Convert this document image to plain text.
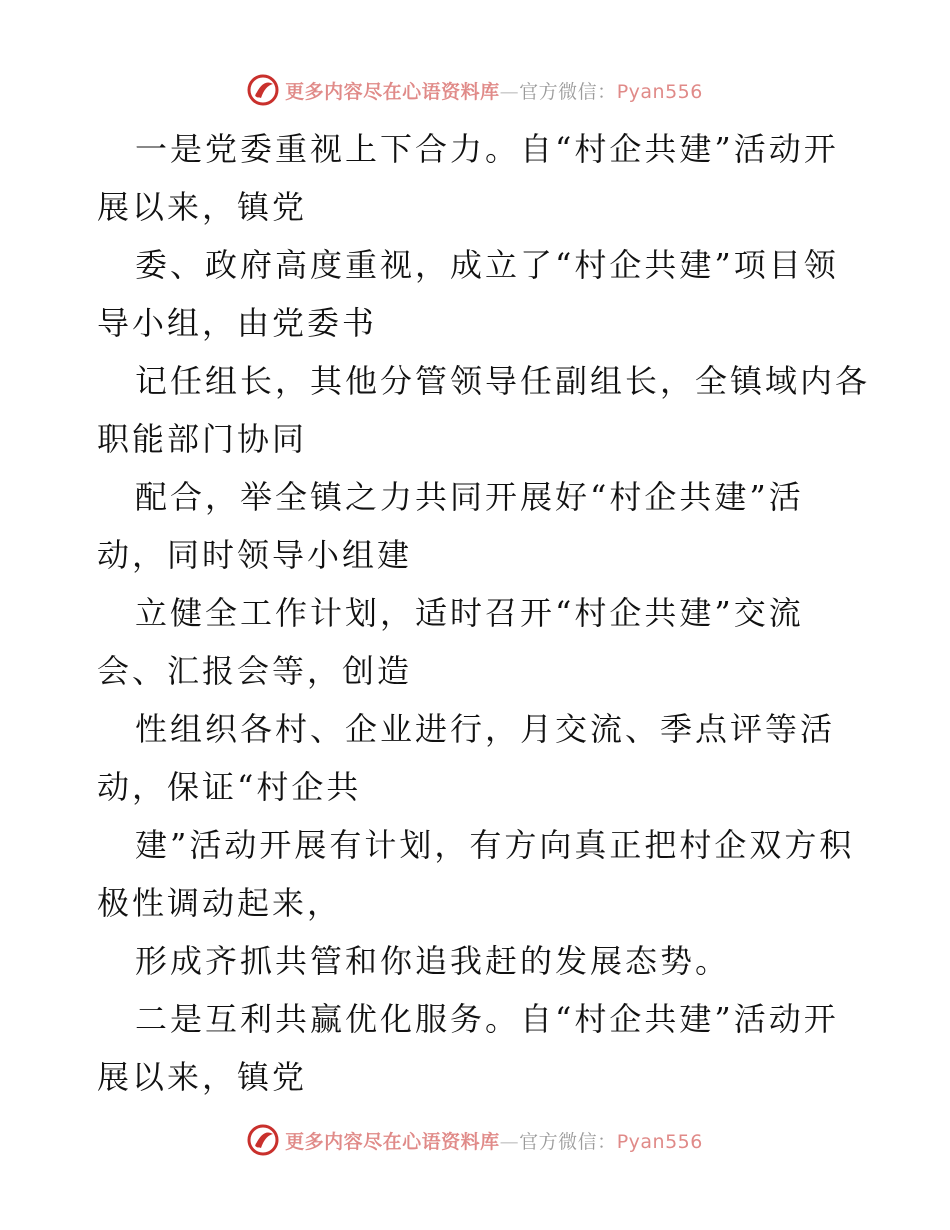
更多内容尽在心语资料库—官方微信：Pyan556

一是党委重视上下合力。自“村企共建”活动开

展以来，镇党

委、政府高度重视，成立了“村企共建”项目领

导小组，由党委书

记任组长，其他分管领导任副组长，全镇域内各

职能部门协同

配合，举全镇之力共同开展好“村企共建”活

动，同时领导小组建

立健全工作计划，适时召开“村企共建”交流

会、汇报会等，创造

性组织各村、企业进行，月交流、季点评等活

动，保证“村企共

建”活动开展有计划，有方向真正把村企双方积

极性调动起来，

形成齐抓共管和你追我赶的发展态势。

二是互利共赢优化服务。自“村企共建”活动开

展以来，镇党

更多内容尽在心语资料库—官方微信：Pyan556
